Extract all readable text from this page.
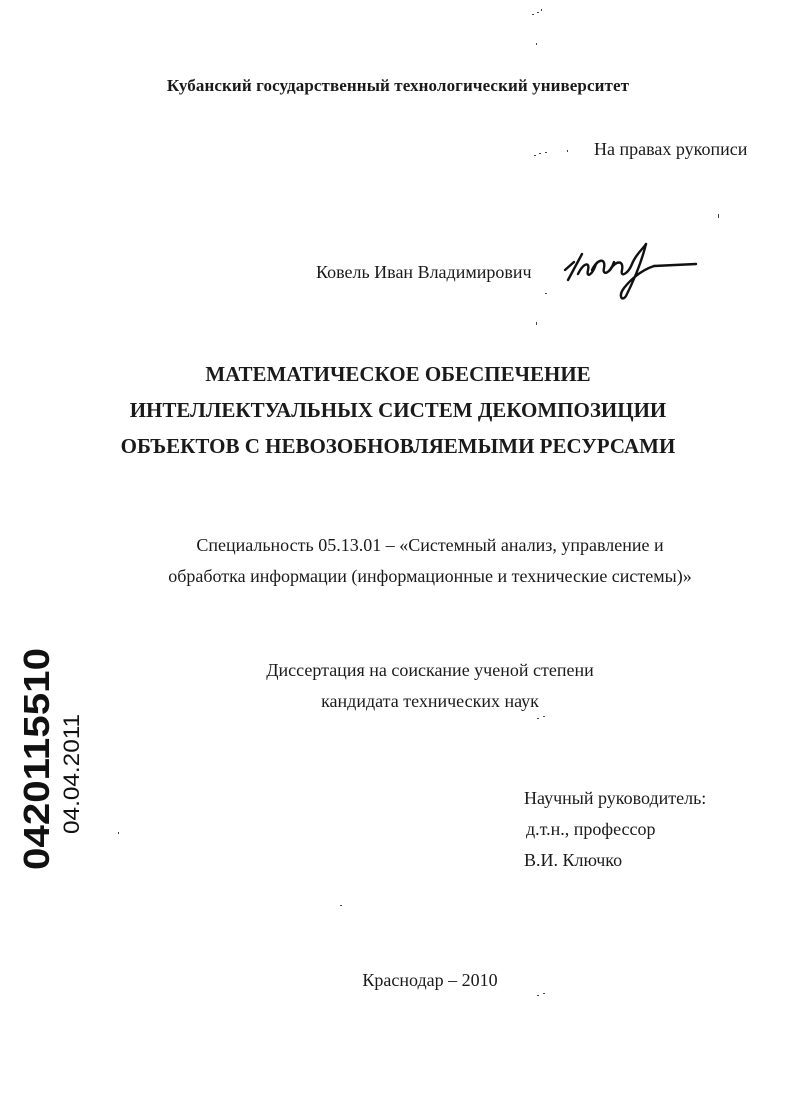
Кубанский государственный технологический университет
На правах рукописи
Ковель Иван Владимирович
МАТЕМАТИЧЕСКОЕ ОБЕСПЕЧЕНИЕ
ИНТЕЛЛЕКТУАЛЬНЫХ СИСТЕМ ДЕКОМПОЗИЦИИ
ОБЪЕКТОВ С НЕВОЗОБНОВЛЯЕМЫМИ РЕСУРСАМИ
Специальность 05.13.01 – «Системный анализ, управление и
обработка информации (информационные и технические системы)»
Диссертация на соискание ученой степени
кандидата технических наук
Научный руководитель:
д.т.н., профессор
В.И. Ключко
Краснодар – 2010
0420115510 04.04.2011
